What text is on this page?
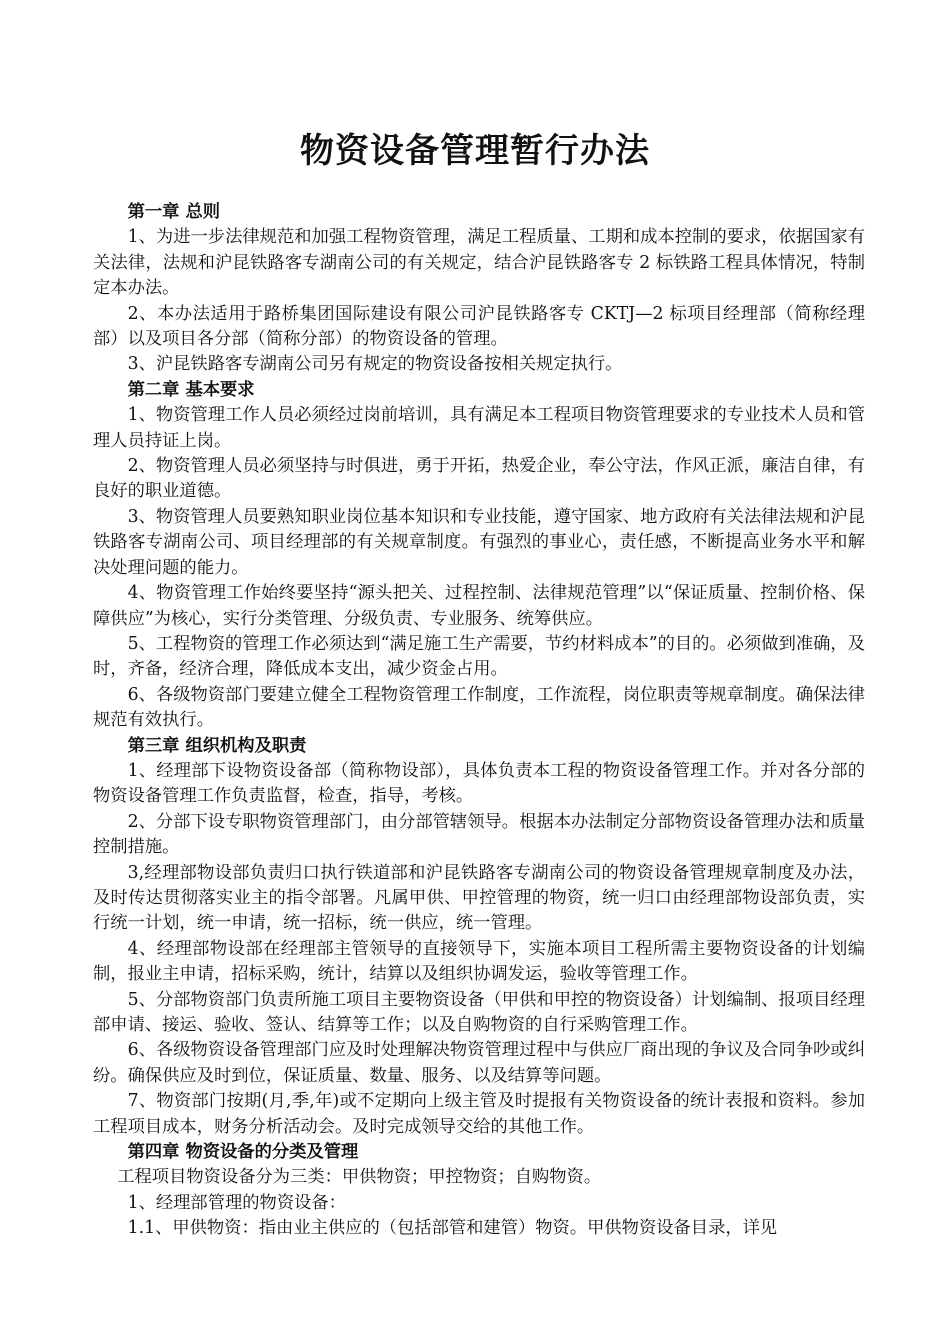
物资设备管理暂行办法

第一章 总则

1、为进一步法律规范和加强工程物资管理，满足工程质量、工期和成本控制的要求，依据国家有关法律，法规和沪昆铁路客专湖南公司的有关规定，结合沪昆铁路客专 2 标铁路工程具体情况，特制定本办法。

2、本办法适用于路桥集团国际建设有限公司沪昆铁路客专 CKTJ—2 标项目经理部（简称经理部）以及项目各分部（简称分部）的物资设备的管理。

3、沪昆铁路客专湖南公司另有规定的物资设备按相关规定执行。

第二章 基本要求

1、物资管理工作人员必须经过岗前培训，具有满足本工程项目物资管理要求的专业技术人员和管理人员持证上岗。

2、物资管理人员必须坚持与时俱进，勇于开拓，热爱企业，奉公守法，作风正派，廉洁自律，有良好的职业道德。

3、物资管理人员要熟知职业岗位基本知识和专业技能，遵守国家、地方政府有关法律法规和沪昆铁路客专湖南公司、项目经理部的有关规章制度。有强烈的事业心，责任感，不断提高业务水平和解决处理问题的能力。

4、物资管理工作始终要坚持“源头把关、过程控制、法律规范管理”以“保证质量、控制价格、保障供应”为核心，实行分类管理、分级负责、专业服务、统筹供应。

5、工程物资的管理工作必须达到“满足施工生产需要，节约材料成本”的目的。必须做到准确，及时，齐备，经济合理，降低成本支出，减少资金占用。

6、各级物资部门要建立健全工程物资管理工作制度，工作流程，岗位职责等规章制度。确保法律规范有效执行。

第三章 组织机构及职责

1、经理部下设物资设备部（简称物设部），具体负责本工程的物资设备管理工作。并对各分部的物资设备管理工作负责监督，检查，指导，考核。

2、分部下设专职物资管理部门，由分部管辖领导。根据本办法制定分部物资设备管理办法和质量控制措施。

3,经理部物设部负责归口执行铁道部和沪昆铁路客专湖南公司的物资设备管理规章制度及办法，及时传达贯彻落实业主的指令部署。凡属甲供、甲控管理的物资，统一归口由经理部物设部负责，实行统一计划，统一申请，统一招标，统一供应，统一管理。

4、经理部物设部在经理部主管领导的直接领导下，实施本项目工程所需主要物资设备的计划编制，报业主申请，招标采购，统计，结算以及组织协调发运，验收等管理工作。

5、分部物资部门负责所施工项目主要物资设备（甲供和甲控的物资设备）计划编制、报项目经理部申请、接运、验收、签认、结算等工作；以及自购物资的自行采购管理工作。

6、各级物资设备管理部门应及时处理解决物资管理过程中与供应厂商出现的争议及合同争吵或纠纷。确保供应及时到位，保证质量、数量、服务、以及结算等问题。

7、物资部门按期(月,季,年)或不定期向上级主管及时提报有关物资设备的统计表报和资料。参加工程项目成本，财务分析活动会。及时完成领导交给的其他工作。

第四章 物资设备的分类及管理

工程项目物资设备分为三类：甲供物资；甲控物资；自购物资。

1、经理部管理的物资设备：

1.1、甲供物资：指由业主供应的（包括部管和建管）物资。甲供物资设备目录，详见
